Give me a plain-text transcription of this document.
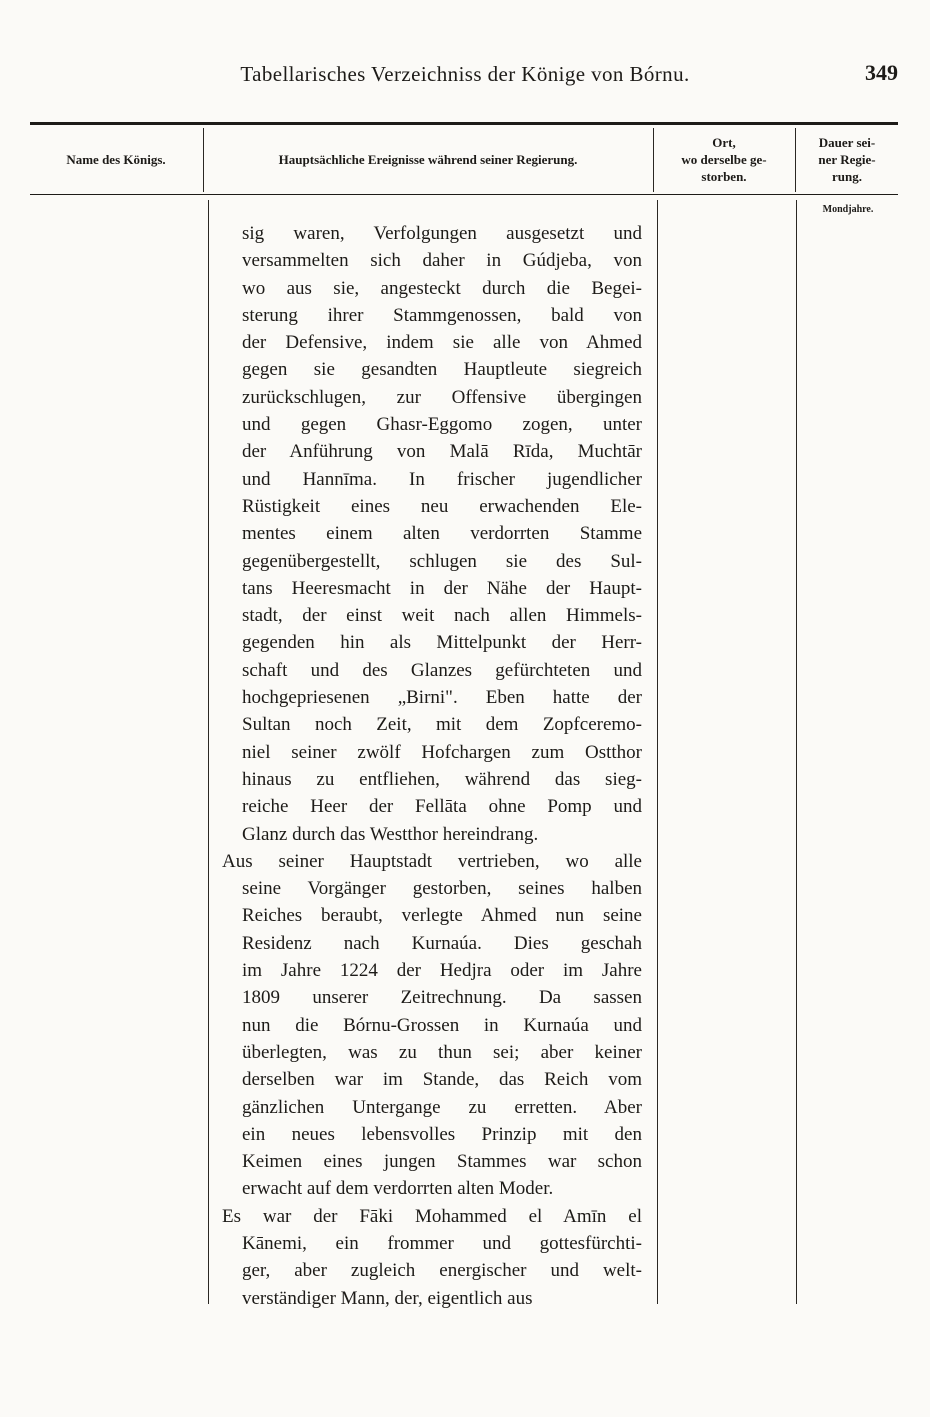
Tabellarisches Verzeichniss der Könige von Bórnu.	349
Name des Königs.	Hauptsächliche Ereignisse während seiner Regierung.
Ort,
wo derselbe ge-
storben.
Dauer sei-
ner Regie-
rung.
Mondjahre.
sig waren, Verfolgungen ausgesetzt und
versammelten sich daher in Gúdjeba, von
wo aus sie, angesteckt durch die Begei-
sterung ihrer Stammgenossen, bald von
der Defensive, indem sie alle von Ahmed
gegen sie gesandten Hauptleute siegreich
zurückschlugen, zur Offensive übergingen
und gegen Ghasr-Eggomo zogen, unter
der Anführung von Malā Rīda, Muchtār
und Hannīma. In frischer jugendlicher
Rüstigkeit eines neu erwachenden Ele-
mentes einem alten verdorrten Stamme
gegenübergestellt, schlugen sie des Sul-
tans Heeresmacht in der Nähe der Haupt-
stadt, der einst weit nach allen Himmels-
gegenden hin als Mittelpunkt der Herr-
schaft und des Glanzes gefürchteten und
hochgepriesenen „Birni". Eben hatte der
Sultan noch Zeit, mit dem Zopfceremo-
niel seiner zwölf Hofchargen zum Ostthor
hinaus zu entfliehen, während das sieg-
reiche Heer der Fellāta ohne Pomp und
Glanz durch das Westthor hereindrang.
Aus seiner Hauptstadt vertrieben, wo alle
seine Vorgänger gestorben, seines halben
Reiches beraubt, verlegte Ahmed nun seine
Residenz nach Kurnaúa. Dies geschah
im Jahre 1224 der Hedjra oder im Jahre
1809 unserer Zeitrechnung. Da sassen
nun die Bórnu-Grossen in Kurnaúa und
überlegten, was zu thun sei; aber keiner
derselben war im Stande, das Reich vom
gänzlichen Untergange zu erretten. Aber
ein neues lebensvolles Prinzip mit den
Keimen eines jungen Stammes war schon
erwacht auf dem verdorrten alten Moder.
Es war der Fāki Mohammed el Amīn el
Kānemi, ein frommer und gottesfürchti-
ger, aber zugleich energischer und welt-
verständiger Mann, der, eigentlich aus
